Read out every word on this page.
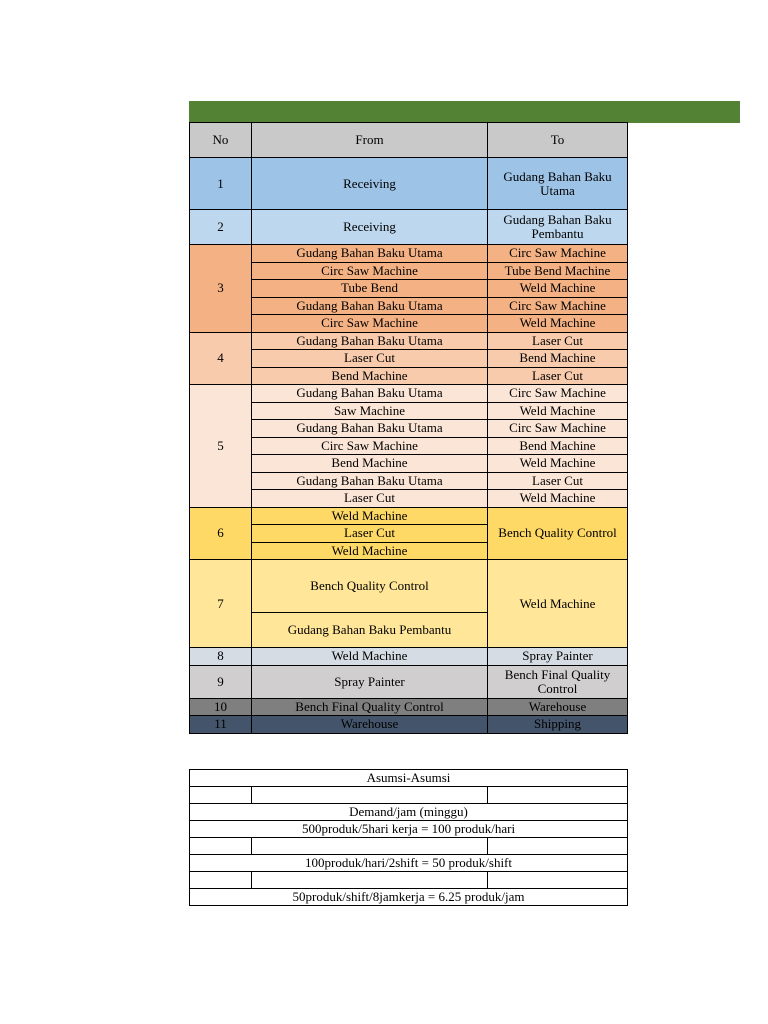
No	From	To
1	Receiving	Gudang Bahan Baku Utama
2	Receiving	Gudang Bahan Baku Pembantu
3	Gudang Bahan Baku Utama	Circ Saw Machine
	Circ Saw Machine	Tube Bend Machine
	Tube Bend	Weld Machine
	Gudang Bahan Baku Utama	Circ Saw Machine
	Circ Saw Machine	Weld Machine
4	Gudang Bahan Baku Utama	Laser Cut
	Laser Cut	Bend Machine
	Bend Machine	Laser Cut
5	Gudang Bahan Baku Utama	Circ Saw Machine
	Saw Machine	Weld Machine
	Gudang Bahan Baku Utama	Circ Saw Machine
	Circ Saw Machine	Bend Machine
	Bend Machine	Weld Machine
	Gudang Bahan Baku Utama	Laser Cut
	Laser Cut	Weld Machine
6	Weld Machine	Bench Quality Control
	Laser Cut	
	Weld Machine	
7	Bench Quality Control	Weld Machine
	Gudang Bahan Baku Pembantu	
8	Weld Machine	Spray Painter
9	Spray Painter	Bench Final Quality Control
10	Bench Final Quality Control	Warehouse
11	Warehouse	Shipping
Asumsi-Asumsi		

Demand/jam (minggu)		
500produk/5hari kerja = 100 produk/hari		

100produk/hari/2shift = 50 produk/shift		

50produk/shift/8jamkerja = 6.25 produk/jam		
